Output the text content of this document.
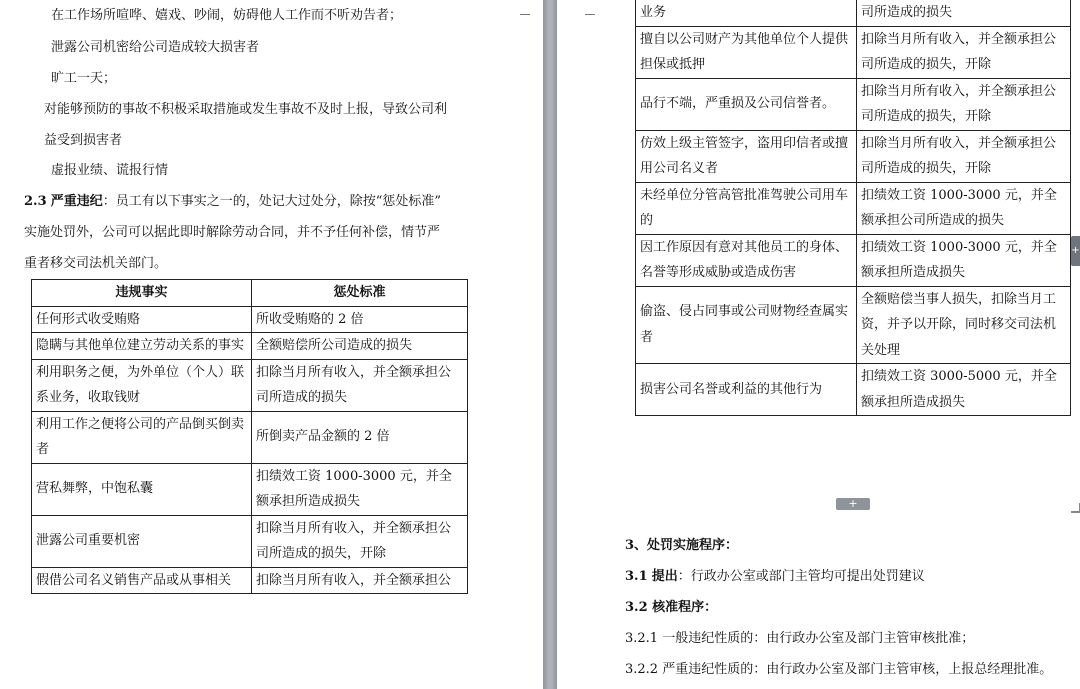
在工作场所喧哗、嬉戏、吵闹，妨碍他人工作而不听劝告者；
泄露公司机密给公司造成较大损害者
旷工一天；
对能够预防的事故不积极采取措施或发生事故不及时上报，导致公司利
益受到损害者
虚报业绩、谎报行情
2.3 严重违纪：员工有以下事实之一的，处记大过处分，除按“惩处标准”
实施处罚外，公司可以据此即时解除劳动合同，并不予任何补偿，情节严
重者移交司法机关部门。
违规事实	惩处标准
任何形式收受贿赂	所收受贿赂的 2 倍
隐瞒与其他单位建立劳动关系的事实	全额赔偿所公司造成的损失
利用职务之便，为外单位（个人）联系业务，收取钱财	扣除当月所有收入，并全额承担公司所造成的损失
利用工作之便将公司的产品倒买倒卖者	所倒卖产品金额的 2 倍
营私舞弊，中饱私囊	扣绩效工资 1000-3000 元，并全额承担所造成损失
泄露公司重要机密	扣除当月所有收入，并全额承担公司所造成的损失，开除
假借公司名义销售产品或从事相关	扣除当月所有收入，并全额承担公
3、处罚实施程序：
3.1 提出：行政办公室或部门主管均可提出处罚建议
3.2 核准程序：
3.2.1 一般违纪性质的：由行政办公室及部门主管审核批准；
3.2.2 严重违纪性质的：由行政办公室及部门主管审核，上报总经理批准。
业务	司所造成的损失
擅自以公司财产为其他单位个人提供担保或抵押	扣除当月所有收入，并全额承担公司所造成的损失，开除
品行不端，严重损及公司信誉者。	扣除当月所有收入，并全额承担公司所造成的损失，开除
仿效上级主管签字，盗用印信者或擅用公司名义者	扣除当月所有收入，并全额承担公司所造成的损失，开除
未经单位分管高管批准驾驶公司用车的	扣绩效工资 1000-3000 元，并全额承担公司所造成的损失
因工作原因有意对其他员工的身体、名誉等形成威胁或造成伤害	扣绩效工资 1000-3000 元，并全额承担所造成损失
偷盗、侵占同事或公司财物经查属实者	全额赔偿当事人损失，扣除当月工资，并予以开除，同时移交司法机关处理
损害公司名誉或利益的其他行为	扣绩效工资 3000-5000 元，并全额承担所造成损失
+
+
